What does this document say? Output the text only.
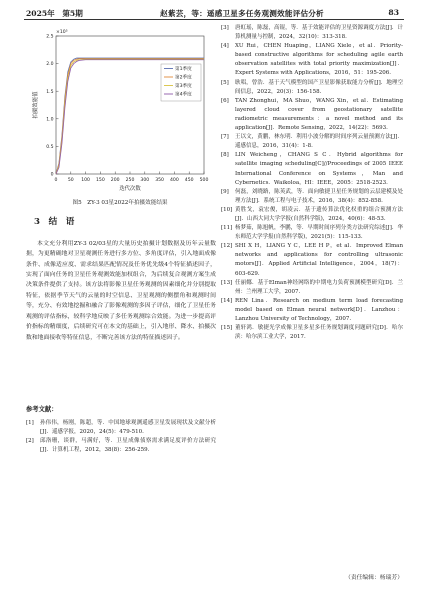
2025年　第5期	赵紫芸，等：遥感卫星多任务观测效能评估分析	83
0 50 100 150 200 250 300 350 400 450 500
0
0.5
1.0
1.5
2.0
2.5
×10⁵
迭代次数
拍摄效能值
第1季度
第2季度
第3季度
第4季度
图5　ZY-3 03星2022年拍摄效能结果
3　结　语

本文充分利用ZY-3 02/03星的大量历史拍摄计划数据及历年云量数据，为更精确地对卫星观测任务进行多方位、多角度评估，引入地面成像条件、成像适应度、需求结果匹配情况及任务优先级4个特征描述因子，实现了面向任务的卫星任务观测效能加权组合，为后续复合观测方案生成决策条件提供了支持。该方法将影像卫星任务观测的因素细化并分别提取特征，依据季节天气的云量的时空信息、卫星观测的侧摆角和观测时间等，充分、有效地挖掘和融合了影像观测的多因子评估，细化了卫星任务观测的评估指标，较科学地反映了多任务观测综合效能。为进一步提高评价指标的精细度，后续研究可在本文的基础上，引入地形、降水、拍摄次数和地面接收等特征信息，不断完善该方法的特征描述因子。

参考文献：
[1] 孙伟伟，杨刚，陈超，等．中国地球观测遥感卫星发展现状及文献分析[J]．遥感学报，2020，24(5)：479-510.
[2] 邱洛珊，谈群，马满好，等．卫星成像侦察需求满足度评价方法研究[J]．计算机工程，2012，38(8)：256-259.
[3] 唐虹瑶，陈磊，高锟，等．基于效能评估的卫星资源调度方法[J]．计算机测量与控制，2024，32(10)：313-318.
[4] XU Rui，CHEN Huaping，LIANG Xiele，et al．Priority-based constructive algorithms for scheduling agile earth observation satellites with total priority maximization[J]．Expert Systems with Applications，2016，51：195-206.
[5] 耿唱，曾浩．基于天气模型的国产卫星影像获取能力分析[J]．地理空间信息，2022，20(3)：156-158.
[6] TAN Zhonghui，MA Shuo，WANG Xin，et al．Estimating layered cloud cover from geostationary satellite radiometric measurements：a novel method and its application[J]．Remote Sensing，2022，14(22)：5693.
[7] 王以文，黄鹏，林东明．利用小波分解的时间序列云量预测方法[J]．遥感信息，2016，31(4)：1-8.
[8] LIN Weicheng，CHANG S C．Hybrid algorithms for satellite imaging scheduling[C]//Proceedings of 2005 IEEE International Conference on Systems，Man and Cybernetics．Waikoloa，HI：IEEE，2005：2518-2523.
[9] 何磊，刘晓路，陈英武，等．面向敏捷卫星任务规划的云层建模及处理方法[J]．系统工程与电子技术，2016，38(4)：852-858.
[10] 黄胜戈，袁宏俊，胡凌云．基于遗传算法优化权重的组合预测方法[J]．山西大同大学学报(自然科学版)，2024，40(6)：48-53.
[11] 杨梦茹，陈旭帆，李鹏，等．早期时间序列分类方法研究综述[J]．华东师范大学学报(自然科学版)，2021(5)：115-133.
[12] SHI X H，LIANG Y C，LEE H P，et al．Improved Elman networks and applications for controlling ultrasonic motors[J]．Applied Artificial Intelligence，2004，18(7)：603-629.
[13] 任丽娜．基于Elman神经网络的中期电力负荷预测模型研究[D]．兰州：兰州理工大学，2007.
[14] REN Lina．Research on medium term load forecasting model based on Elman neural network[D]．Lanzhou：Lanzhou University of Technology，2007.
[15] 董轩鸿．敏捷光学成像卫星多星多任务规划调度问题研究[D]．哈尔滨：哈尔滨工业大学，2017.
（责任编辑：杨瑞芳）
